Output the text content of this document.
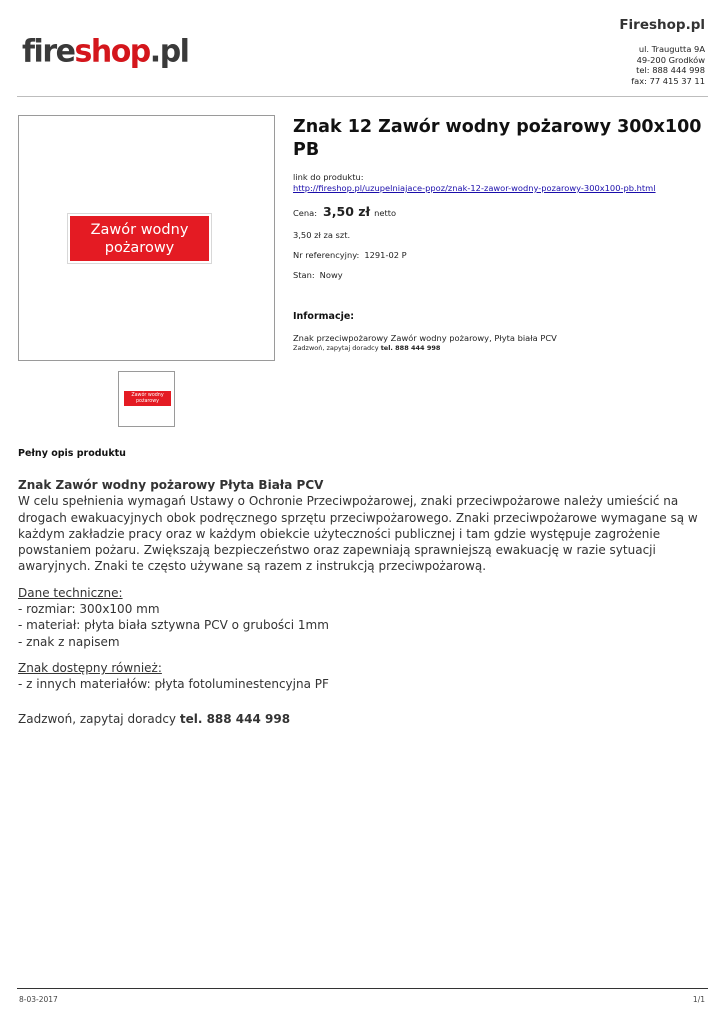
fireshop.pl
Fireshop.pl
ul. Traugutta 9A
49-200 Grodków
tel: 888 444 998
fax: 77 415 37 11
Zawór wodny
pożarowy
Zawór wodny
pożarowy
Znak 12 Zawór wodny pożarowy 300x100 PB
link do produktu:
http://fireshop.pl/uzupelniajace-ppoz/znak-12-zawor-wodny-pozarowy-300x100-pb.html
Cena: 3,50 zł netto
3,50 zł za szt.
Nr referencyjny: 1291-02 P
Stan: Nowy
Informacje:
Znak przeciwpożarowy Zawór wodny pożarowy, Płyta biała PCV
Zadzwoń, zapytaj doradcy tel. 888 444 998
Pełny opis produktu

Znak Zawór wodny pożarowy Płyta Biała PCV

W celu spełnienia wymagań Ustawy o Ochronie Przeciwpożarowej, znaki przeciwpożarowe należy umieścić na drogach ewakuacyjnych obok podręcznego sprzętu przeciwpożarowego. Znaki przeciwpożarowe wymagane są w każdym zakładzie pracy oraz w każdym obiekcie użyteczności publicznej i tam gdzie występuje zagrożenie powstaniem pożaru. Zwiększają bezpieczeństwo oraz zapewniają sprawniejszą ewakuację w razie sytuacji awaryjnych. Znaki te często używane są razem z instrukcją przeciwpożarową.

Dane techniczne:

- rozmiar: 300x100 mm

- materiał: płyta biała sztywna PCV o grubości 1mm

- znak z napisem

Znak dostępny również:

- z innych materiałów: płyta fotoluminestencyjna PF

Zadzwoń, zapytaj doradcy tel. 888 444 998

8-03-2017	1/1
